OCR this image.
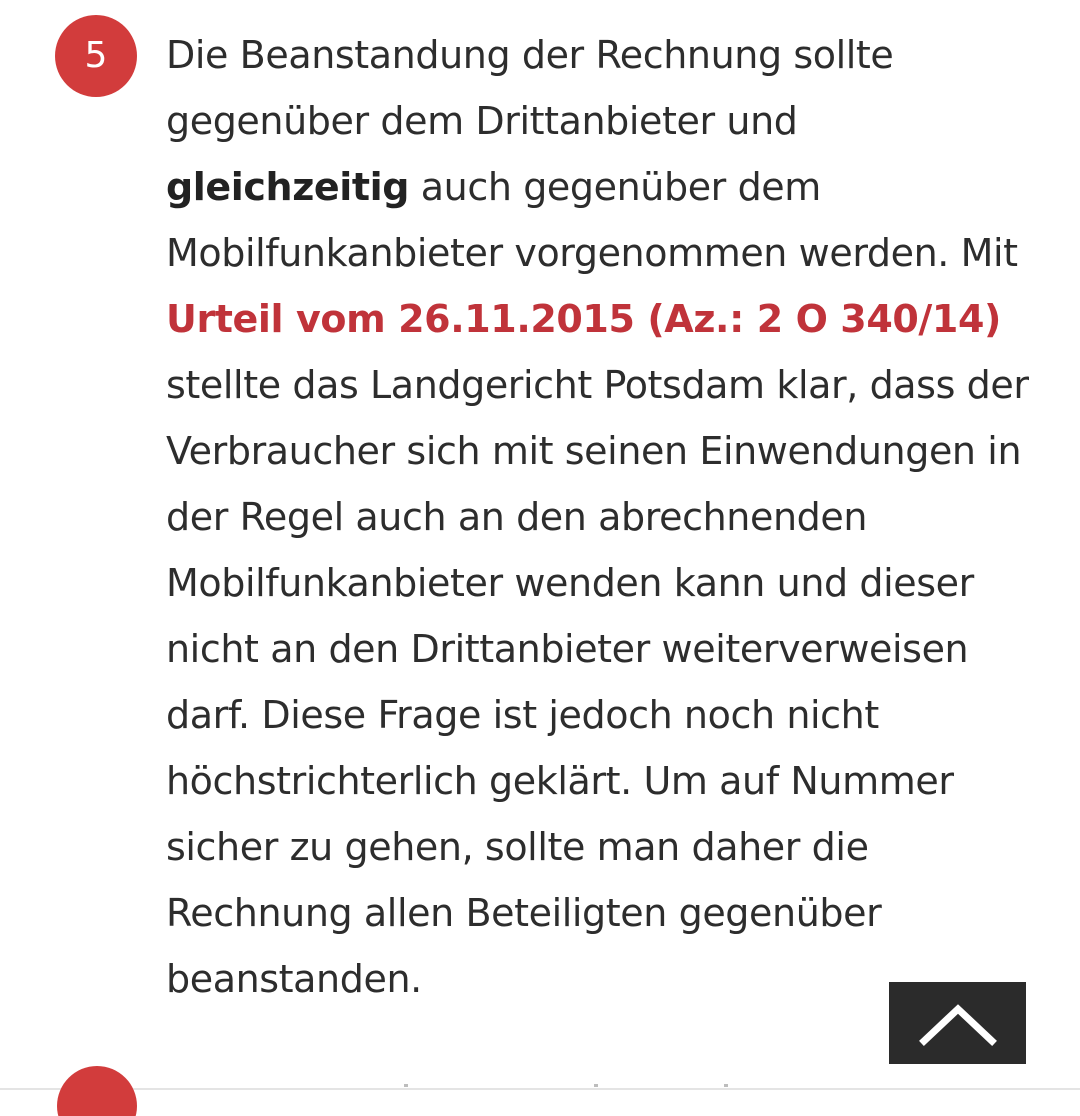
5	Die Beanstandung der Rechnung sollte gegenüber dem Drittanbieter und gleichzeitig auch gegenüber dem Mobilfunkanbieter vorgenommen werden. Mit Urteil vom 26.11.2015 (Az.: 2 O 340/14) stellte das Landgericht Potsdam klar, dass der Verbraucher sich mit seinen Einwendungen in der Regel auch an den abrechnenden Mobilfunkanbieter wenden kann und dieser nicht an den Drittanbieter weiterverweisen darf. Diese Frage ist jedoch noch nicht höchstrichterlich geklärt. Um auf Nummer sicher zu gehen, sollte man daher die Rechnung allen Beteiligten gegenüber beanstanden.
